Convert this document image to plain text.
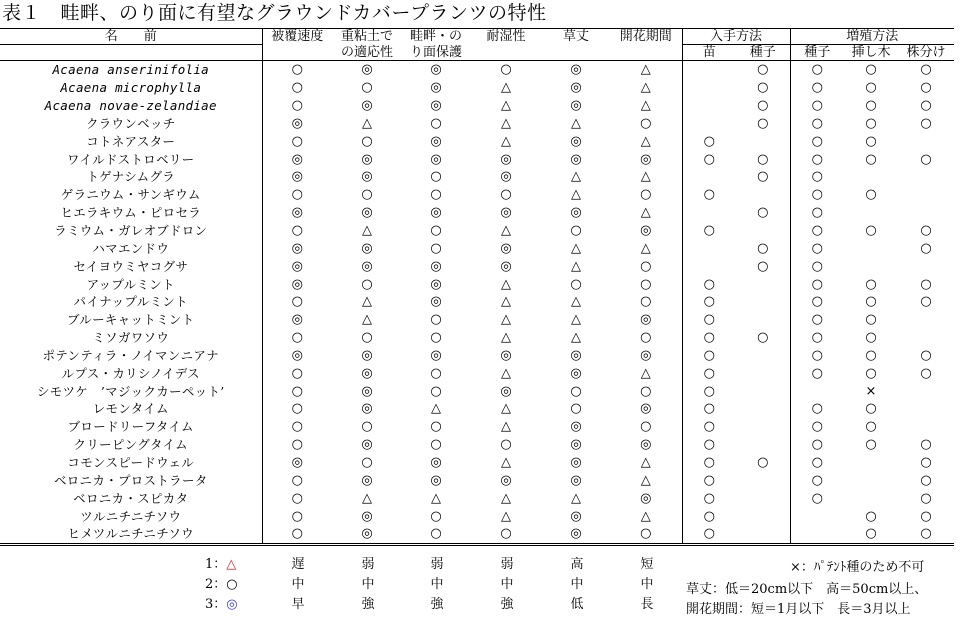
表１　畦畔、のり面に有望なグラウンドカバープランツの特性
名　　前	被覆速度	重粘土で	畦畔・の	耐湿性	草丈	開花期間	入手方法		増殖方法		
		の適応性	り面保護				苗	種子	種子	挿し木	株分け
Acaena anserinifolia	○	◎	◎	○	◎	△		○	○	○	○
Acaena microphylla	○	○	◎	△	◎	△		○	○	○	○
Acaena novae-zelandiae	○	◎	◎	△	◎	△		○	○	○	○
クラウンベッチ	◎	△	○	△	△	○		○	○	○	○
コトネアスター	○	○	◎	△	◎	△	○		○	○	
ワイルドストロベリー	◎	◎	◎	◎	◎	◎	○	○	○	○	○
トゲナシムグラ	◎	◎	○	◎	△	△		○	○		
ゲラニウム・サンギウム	○	○	○	○	△	○	○		○	○	
ヒエラキウム・ピロセラ	◎	◎	◎	◎	◎	△		○	○		
ラミウム・ガレオブドロン	○	△	○	△	○	◎	○		○	○	○
ハマエンドウ	◎	◎	○	◎	△	△		○	○		○
セイヨウミヤコグサ	◎	◎	◎	◎	△	○		○	○		
アップルミント	◎	○	◎	△	○	○	○		○	○	○
パイナップルミント	○	△	◎	△	△	○	○		○	○	○
ブルーキャットミント	◎	△	○	△	△	◎	○		○	○	
ミソガワソウ	○	○	○	△	△	○	○	○	○	○	
ポテンティラ・ノイマンニアナ	◎	◎	◎	◎	◎	◎	○		○	○	○
ルプス・カリシノイデス	○	◎	○	△	◎	△	○		○	○	○
シモツケ　’マジックカーペット’	○	◎	○	◎	○	○	○			×	
レモンタイム	○	◎	△	△	○	◎	○		○	○	
ブロードリーフタイム	○	○	○	△	◎	○	○		○	○	
クリーピングタイム	○	◎	○	○	◎	◎	○		○	○	○
コモンスピードウェル	◎	○	◎	△	◎	△	○	○	○		○
ベロニカ・プロストラータ	○	◎	◎	◎	◎	△	○		○		○
ベロニカ・スピカタ	○	△	△	△	△	◎	○		○		○
ツルニチニチソウ	○	◎	○	△	◎	△	○			○	○
ヒメツルニチニチソウ	○	◎	○	○	◎	○	○			○	○
1：△	遅	弱	弱	弱	高	短
2：○	中	中	中	中	中	中
3：◎	早	強	強	強	低	長
×：ﾊﾟﾃﾝﾄ種のため不可
草丈：低＝20cm以下　高＝50cm以上、
開花期間：短＝1月以下　長＝3月以上
